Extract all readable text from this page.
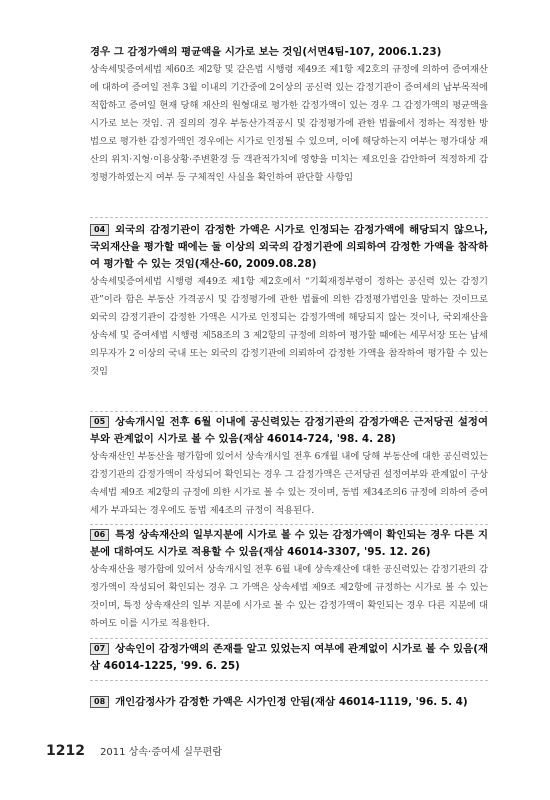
경우 그 감정가액의 평균액을 시가로 보는 것임(서면4팀-107, 2006.1.23)
상속세및증여세법 제60조 제2항 및 같은법 시행령 제49조 제1항 제2호의 규정에 의하여 증여재산에 대하여 증여일 전후 3월 이내의 기간중에 2이상의 공신력 있는 감정기관이 증여세의 납부목적에 적합하고 증여일 현재 당해 재산의 원형대로 평가한 감정가액이 있는 경우 그 감정가액의 평균액을 시가로 보는 것임. 귀 질의의 경우 부동산가격공시 및 감정평가에 관한 법률에서 정하는 적정한 방법으로 평가한 감정가액인 경우에는 시가로 인정될 수 있으며, 이에 해당하는지 여부는 평가대상 재산의 위치·지형·이용상황·주변환경 등 객관적가치에 영향을 미치는 제요인을 감안하여 적정하게 감정평가하였는지 여부 등 구체적인 사실을 확인하여 판단할 사항임
04 외국의 감정기관이 감정한 가액은 시가로 인정되는 감정가액에 해당되지 않으나, 국외재산을 평가할 때에는 둘 이상의 외국의 감정기관에 의뢰하여 감정한 가액을 참작하여 평가할 수 있는 것임(재산-60, 2009.08.28)
상속세및증여세법 시행령 제49조 제1항 제2호에서 “기획재정부령이 정하는 공신력 있는 감정기관”이라 함은 부동산 가격공시 및 감정평가에 관한 법률에 의한 감정평가법인을 말하는 것이므로 외국의 감정기관이 감정한 가액은 시가로 인정되는 감정가액에 해당되지 않는 것이나, 국외재산을 상속세 및 증여세법 시행령 제58조의 3 제2항의 규정에 의하여 평가할 때에는 세무서장 또는 납세의무자가 2 이상의 국내 또는 외국의 감정기관에 의뢰하여 감정한 가액을 참작하여 평가할 수 있는 것임
05 상속개시일 전후 6월 이내에 공신력있는 감정기관의 감정가액은 근저당권 설정여부와 관계없이 시가로 볼 수 있음(재삼 46014-724, '98. 4. 28)
상속재산인 부동산을 평가함에 있어서 상속개시일 전후 6개월 내에 당해 부동산에 대한 공신력있는 감정기관의 감정가액이 작성되어 확인되는 경우 그 감정가액은 근저당권 설정여부와 관계없이 구상속세법 제9조 제2항의 규정에 의한 시가로 볼 수 있는 것이며, 동법 제34조의6 규정에 의하여 증여세가 부과되는 경우에도 동법 제4조의 규정이 적용된다.
06 특정 상속재산의 일부지분에 시가로 볼 수 있는 감정가액이 확인되는 경우 다른 지분에 대하여도 시가로 적용할 수 있음(재삼 46014-3307, '95. 12. 26)
상속재산을 평가함에 있어서 상속개시일 전후 6월 내에 상속재산에 대한 공신력있는 감정기관의 감정가액이 작성되어 확인되는 경우 그 가액은 상속세법 제9조 제2항에 규정하는 시가로 볼 수 있는 것이며, 특정 상속재산의 일부 지분에 시가로 볼 수 있는 감정가액이 확인되는 경우 다른 지분에 대하여도 이를 시가로 적용한다.
07 상속인이 감정가액의 존재를 알고 있었는지 여부에 관계없이 시가로 볼 수 있음(재삼 46014-1225, '99. 6. 25)
08 개인감정사가 감정한 가액은 시가인정 안됨(재삼 46014-1119, '96. 5. 4)
1212 2011 상속·증여세 실무편람
